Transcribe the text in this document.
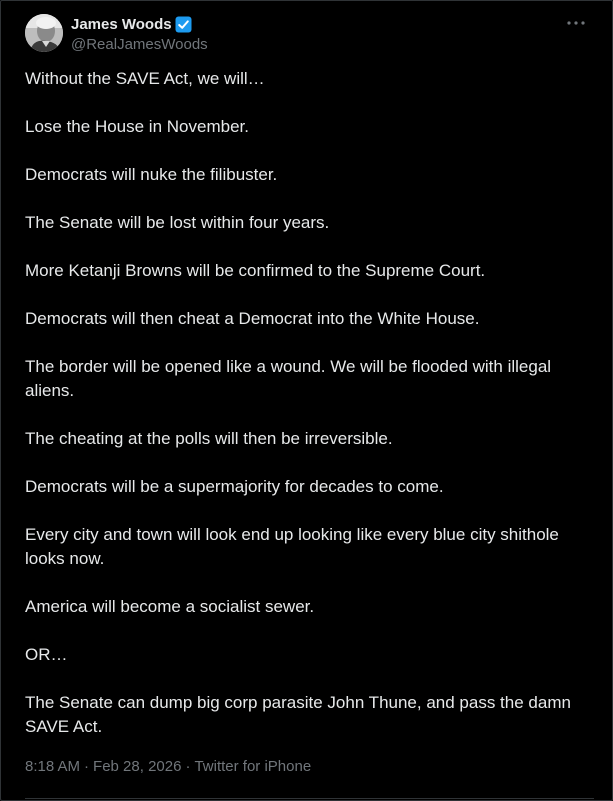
James Woods
@RealJamesWoods

Without the SAVE Act, we will…

Lose the House in November.

Democrats will nuke the filibuster.

The Senate will be lost within four years.

More Ketanji Browns will be confirmed to the Supreme Court.

Democrats will then cheat a Democrat into the White House.

The border will be opened like a wound. We will be flooded with illegal aliens.

The cheating at the polls will then be irreversible.

Democrats will be a supermajority for decades to come.

Every city and town will look end up looking like every blue city shithole looks now.

America will become a socialist sewer.

OR…

The Senate can dump big corp parasite John Thune, and pass the damn SAVE Act.

8:18 AM · Feb 28, 2026 · Twitter for iPhone
